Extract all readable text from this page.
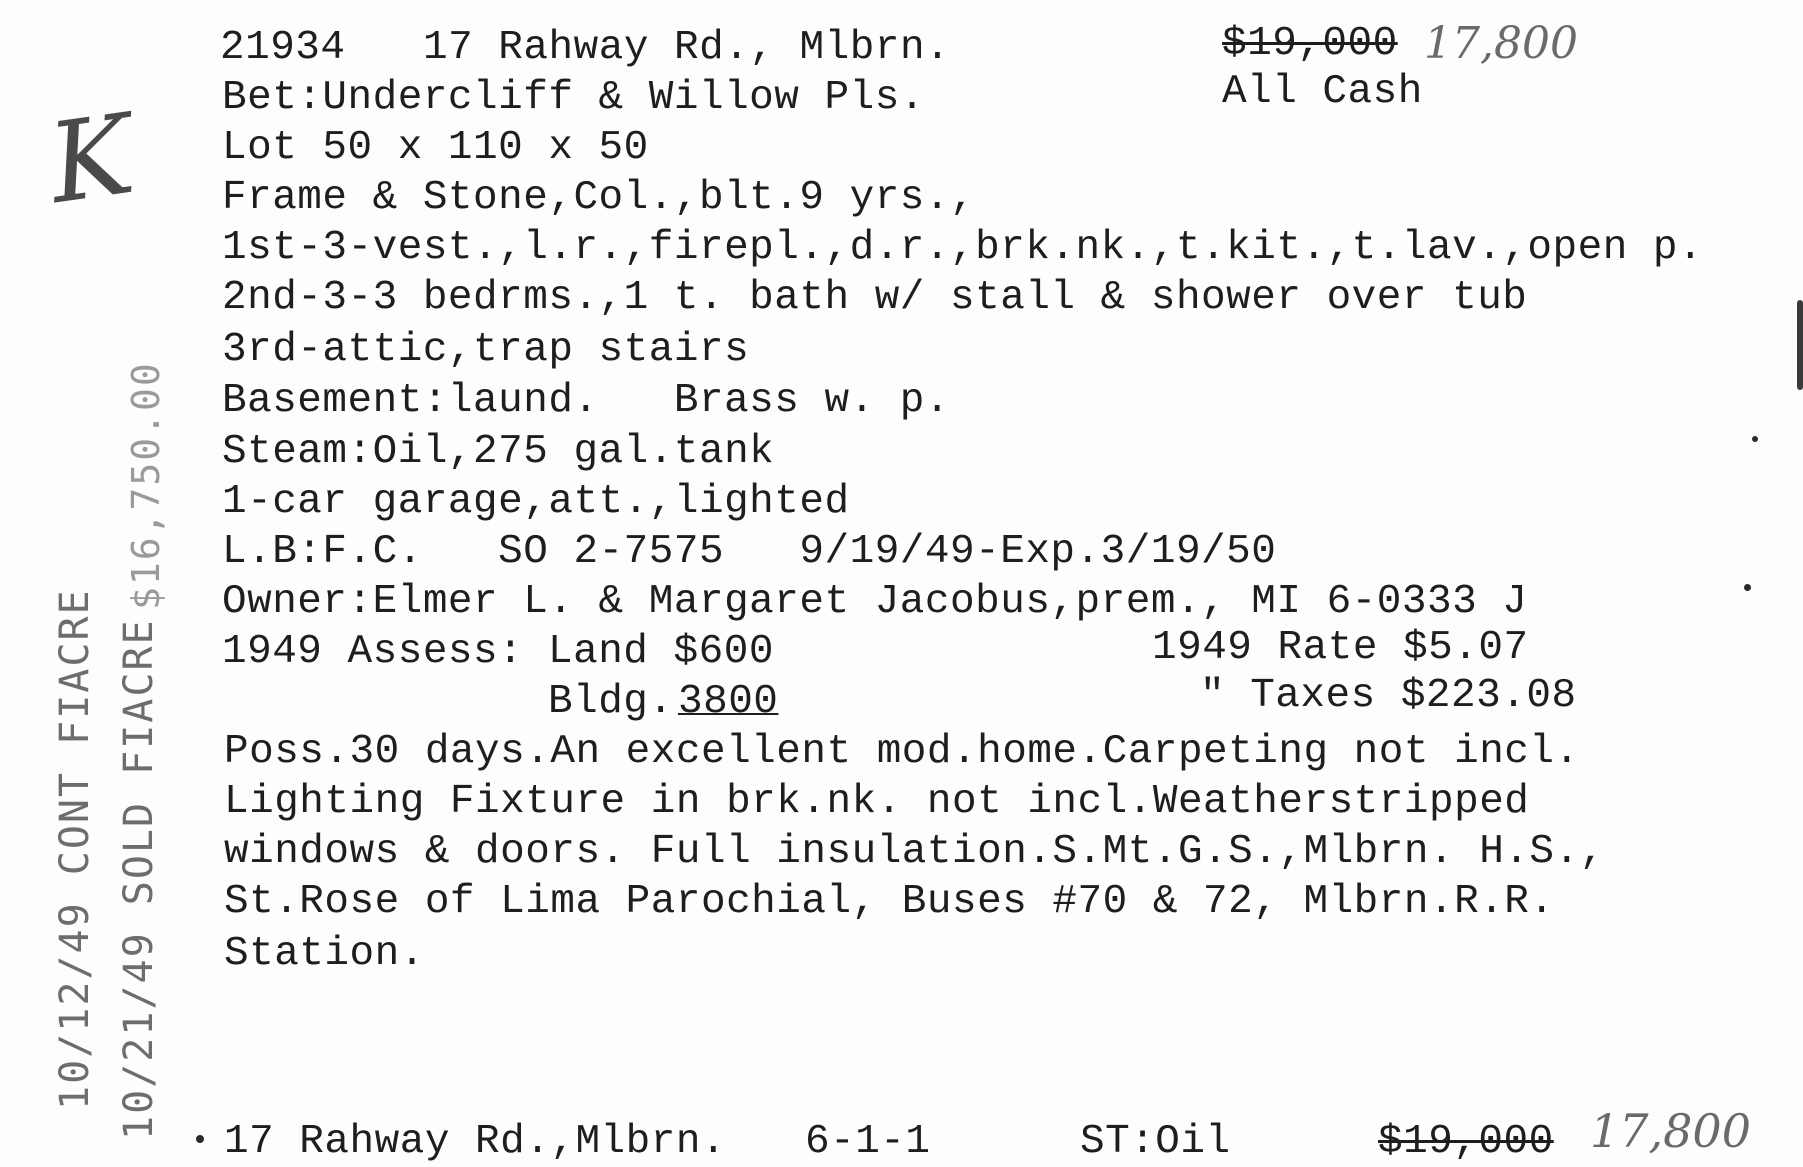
21934 17 Rahway Rd., Mlbrn.	$19,000 17,800
All Cash
K Bet:Undercliff & Willow Pls.
Lot 50 x 110 x 50
Frame & Stone,Col.,blt.9 yrs.,
1st-3-vest.,l.r.,firepl.,d.r.,brk.nk.,t.kit.,t.lav.,open p.
2nd-3-3 bedrms.,1 t. bath w/ stall & shower over tub
3rd-attic,trap stairs
Basement:laund.   Brass w. p.
Steam:Oil,275 gal.tank
1-car garage,att.,lighted
L.B:F.C.   SO 2-7575   9/19/49-Exp.3/19/50
Owner:Elmer L. & Margaret Jacobus,prem., MI 6-0333 J
1949 Assess: Land $600	1949 Rate $5.07
Bldg. 3800	" Taxes $223.08
Poss.30 days.An excellent mod.home.Carpeting not incl.
Lighting Fixture in brk.nk. not incl.Weatherstripped
windows & doors. Full insulation.S.Mt.G.S.,Mlbrn. H.S.,
St.Rose of Lima Parochial, Buses #70 & 72, Mlbrn.R.R.
Station.
10/12/49 CONT FIACRE 10/21/49 SOLD FIACRE
$16,750.00
17 Rahway Rd.,Mlbrn. 6-1-1	ST:Oil	$19,000 17,800
